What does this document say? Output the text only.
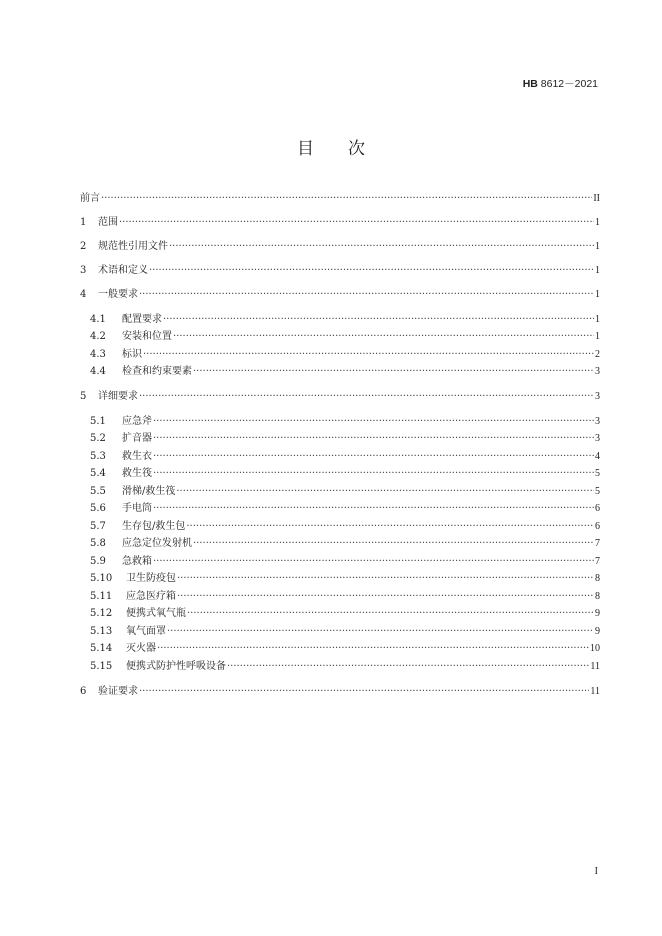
HB 8612－2021
目次
前言 ·····	II
1	范围 ·····	1
2	规范性引用文件 ·····	1
3	术语和定义 ·····	1
4	一般要求 ·····	1
4.1	配置要求 ·····	1
4.2	安装和位置 ·····	1
4.3	标识 ·····	2
4.4	检查和约束要素 ·····	3
5	详细要求 ·····	3
5.1	应急斧 ·····	3
5.2	扩音器 ·····	3
5.3	救生衣 ·····	4
5.4	救生筏 ·····	5
5.5	滑梯/救生筏 ·····	5
5.6	手电筒 ·····	6
5.7	生存包/救生包 ·····	6
5.8	应急定位发射机 ·····	7
5.9	急救箱 ·····	7
5.10	卫生防疫包 ·····	8
5.11	应急医疗箱 ·····	8
5.12	便携式氧气瓶 ·····	9
5.13	氧气面罩 ·····	9
5.14	灭火器 ·····	10
5.15	便携式防护性呼吸设备 ·····	11
6	验证要求 ·····	11
I
